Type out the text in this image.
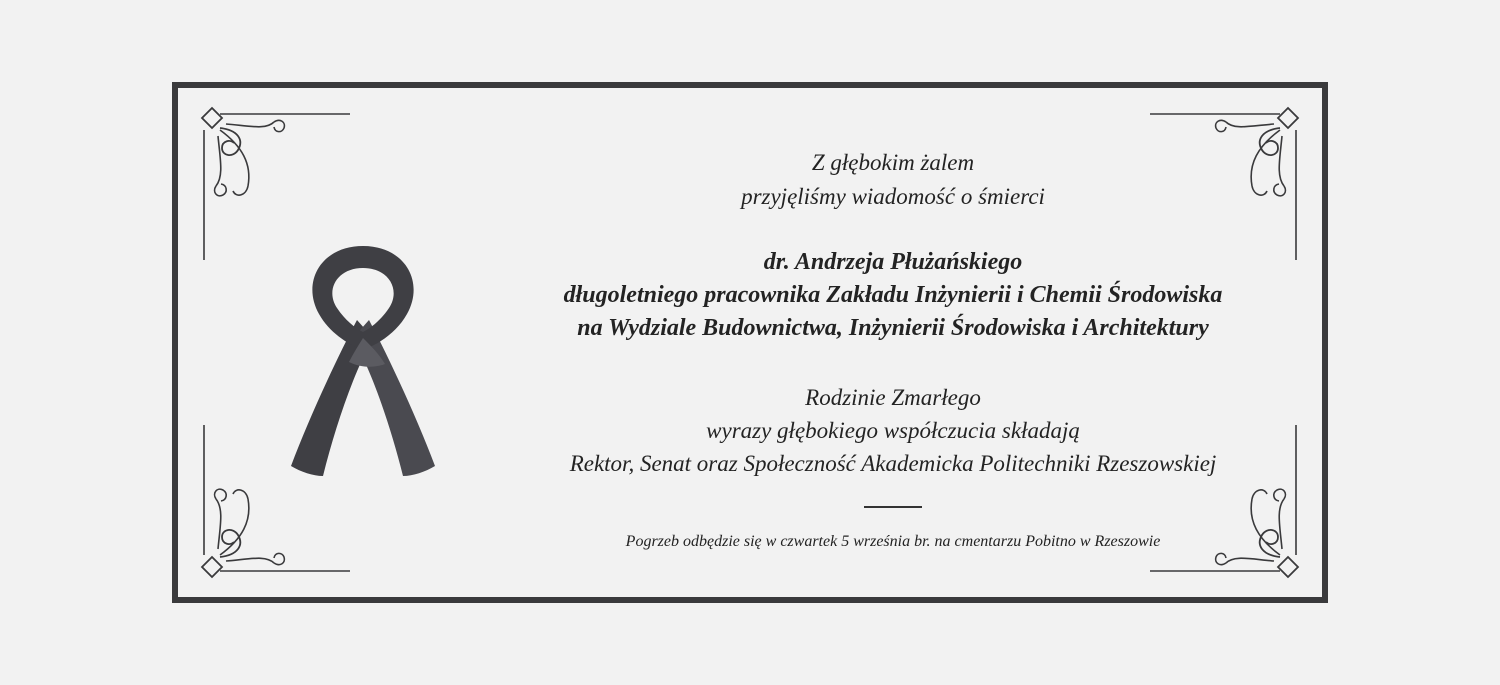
Z głębokim żalem
przyjęliśmy wiadomość o śmierci
dr. Andrzeja Płużańskiego
długoletniego pracownika Zakładu Inżynierii i Chemii Środowiska
na Wydziale Budownictwa, Inżynierii Środowiska i Architektury
Rodzinie Zmarłego
wyrazy głębokiego współczucia składają
Rektor, Senat oraz Społeczność Akademicka Politechniki Rzeszowskiej
Pogrzeb odbędzie się w czwartek 5 września br. na cmentarzu Pobitno w Rzeszowie
